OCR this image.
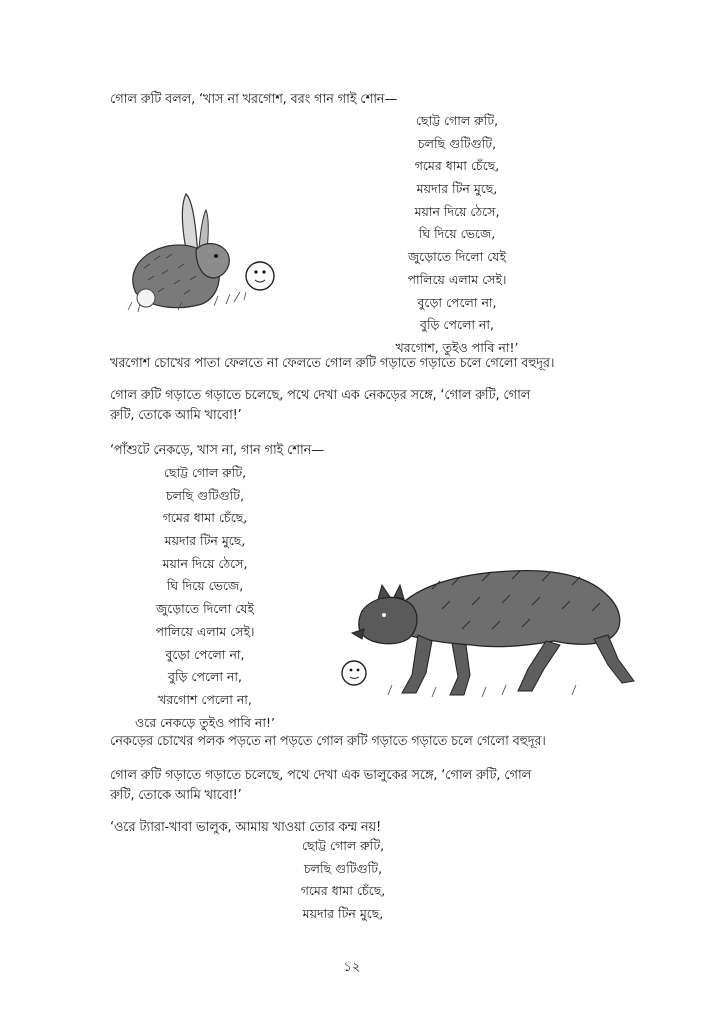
গোল রুটি বলল, ‘খাস না খরগোশ, বরং গান গাই শোন—
ছোট্ট গোল রুটি,
চলছি গুটিগুটি,
গমের ধামা চেঁছে,
ময়দার টিন মুছে,
ময়ান দিয়ে ঠেসে,
ঘি দিয়ে ভেজে,
জুড়োতে দিলো যেই
পালিয়ে এলাম সেই।
বুড়ো পেলো না,
বুড়ি পেলো না,
খরগোশ, তুইও পাবি না!’
খরগোশ চোখের পাতা ফেলতে না ফেলতে গোল রুটি গড়াতে গড়াতে চলে গেলো বহুদূর।
গোল রুটি গড়াতে গড়াতে চলেছে, পথে দেখা এক নেকড়ের সঙ্গে, ‘গোল রুটি, গোল
রুটি, তোকে আমি খাবো!’
‘পাঁশুটে নেকড়ে, খাস না, গান গাই শোন—
ছোট্ট গোল রুটি,
চলছি গুটিগুটি,
গমের ধামা চেঁছে,
ময়দার টিন মুছে,
ময়ান দিয়ে ঠেসে,
ঘি দিয়ে ভেজে,
জুড়োতে দিলো যেই
পালিয়ে এলাম সেই।
বুড়ো পেলো না,
বুড়ি পেলো না,
খরগোশ পেলো না,
ওরে নেকড়ে তুইও পাবি না!’
নেকড়ের চোখের পলক পড়তে না পড়তে গোল রুটি গড়াতে গড়াতে চলে গেলো বহুদূর।
গোল রুটি গড়াতে গড়াতে চলেছে, পথে দেখা এক ভালুকের সঙ্গে, ‘গোল রুটি, গোল
রুটি, তোকে আমি খাবো!’
‘ওরে ট্যারা-খাবা ভালুক, আমায় খাওয়া তোর কম্ম নয়!
ছোট্ট গোল রুটি,
চলছি গুটিগুটি,
গমের ধামা চেঁছে,
ময়দার টিন মুছে,
১২
